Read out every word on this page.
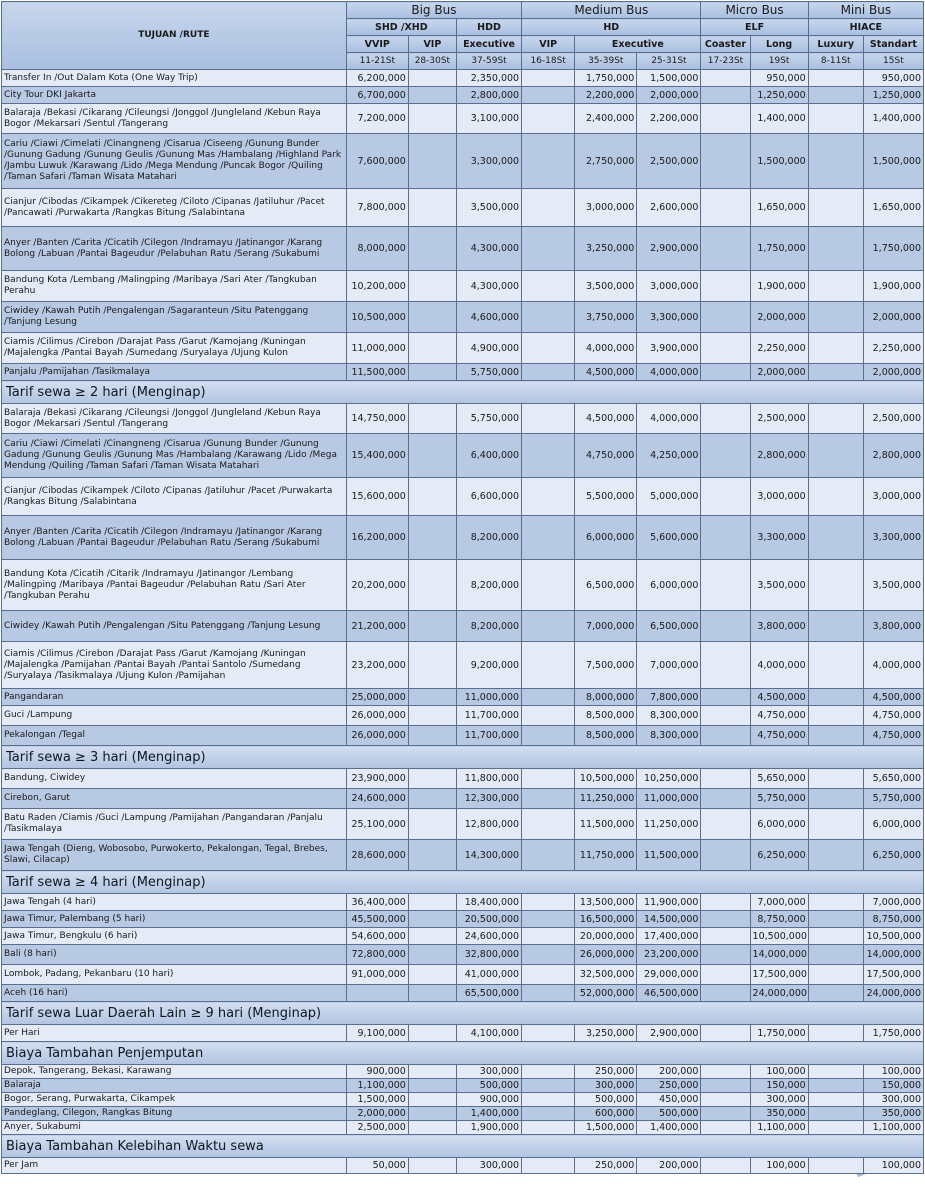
TUJUAN /RUTE	Big Bus			Medium Bus			Micro Bus		Mini Bus	
	SHD /XHD		HDD	HD			ELF		HIACE	
	VVIP	VIP	Executive	VIP	Executive		Coaster	Long	Luxury	Standart
	11-21St	28-30St	37-59St	16-18St	35-39St	25-31St	17-23St	19St	8-11St	15St
Transfer In /Out Dalam Kota (One Way Trip)	6,200,000		2,350,000		1,750,000	1,500,000		950,000		950,000
City Tour DKI Jakarta	6,700,000		2,800,000		2,200,000	2,000,000		1,250,000		1,250,000
Balaraja /Bekasi /Cikarang /Cileungsi /Jonggol /Jungleland /Kebun Raya Bogor /Mekarsari /Sentul /Tangerang	7,200,000		3,100,000		2,400,000	2,200,000		1,400,000		1,400,000
Cariu /Ciawi /Cimelati /Cinangneng /Cisarua /Ciseeng /Gunung Bunder /Gunung Gadung /Gunung Geulis /Gunung Mas /Hambalang /Highland Park /Jambu Luwuk /Karawang /Lido /Mega Mendung /Puncak Bogor /Quiling /Taman Safari /Taman Wisata Matahari	7,600,000		3,300,000		2,750,000	2,500,000		1,500,000		1,500,000
Cianjur /Cibodas /Cikampek /Cikereteg /Ciloto /Cipanas /Jatiluhur /Pacet /Pancawati /Purwakarta /Rangkas Bitung /Salabintana	7,800,000		3,500,000		3,000,000	2,600,000		1,650,000		1,650,000
Anyer /Banten /Carita /Cicatih /Cilegon /Indramayu /Jatinangor /Karang Bolong /Labuan /Pantai Bageudur /Pelabuhan Ratu /Serang /Sukabumi	8,000,000		4,300,000		3,250,000	2,900,000		1,750,000		1,750,000
Bandung Kota /Lembang /Malingping /Maribaya /Sari Ater /Tangkuban Perahu	10,200,000		4,300,000		3,500,000	3,000,000		1,900,000		1,900,000
Ciwidey /Kawah Putih /Pengalengan /Sagaranteun /Situ Patenggang /Tanjung Lesung	10,500,000		4,600,000		3,750,000	3,300,000		2,000,000		2,000,000
Ciamis /Cilimus /Cirebon /Darajat Pass /Garut /Kamojang /Kuningan /Majalengka /Pantai Bayah /Sumedang /Suryalaya /Ujung Kulon	11,000,000		4,900,000		4,000,000	3,900,000		2,250,000		2,250,000
Panjalu /Pamijahan /Tasikmalaya	11,500,000		5,750,000		4,500,000	4,000,000		2,000,000		2,000,000
Tarif sewa ≥ 2 hari (Menginap)										
Balaraja /Bekasi /Cikarang /Cileungsi /Jonggol /Jungleland /Kebun Raya Bogor /Mekarsari /Sentul /Tangerang	14,750,000		5,750,000		4,500,000	4,000,000		2,500,000		2,500,000
Cariu /Ciawi /Cimelati /Cinangneng /Cisarua /Gunung Bunder /Gunung Gadung /Gunung Geulis /Gunung Mas /Hambalang /Karawang /Lido /Mega Mendung /Quiling /Taman Safari /Taman Wisata Matahari	15,400,000		6,400,000		4,750,000	4,250,000		2,800,000		2,800,000
Cianjur /Cibodas /Cikampek /Ciloto /Cipanas /Jatiluhur /Pacet /Purwakarta /Rangkas Bitung /Salabintana	15,600,000		6,600,000		5,500,000	5,000,000		3,000,000		3,000,000
Anyer /Banten /Carita /Cicatih /Cilegon /Indramayu /Jatinangor /Karang Bolong /Labuan /Pantai Bageudur /Pelabuhan Ratu /Serang /Sukabumi	16,200,000		8,200,000		6,000,000	5,600,000		3,300,000		3,300,000
Bandung Kota /Cicatih /Citarik /Indramayu /Jatinangor /Lembang /Malingping /Maribaya /Pantai Bageudur /Pelabuhan Ratu /Sari Ater /Tangkuban Perahu	20,200,000		8,200,000		6,500,000	6,000,000		3,500,000		3,500,000
Ciwidey /Kawah Putih /Pengalengan /Situ Patenggang /Tanjung Lesung	21,200,000		8,200,000		7,000,000	6,500,000		3,800,000		3,800,000
Ciamis /Cilimus /Cirebon /Darajat Pass /Garut /Kamojang /Kuningan /Majalengka /Pamijahan /Pantai Bayah /Pantai Santolo /Sumedang /Suryalaya /Tasikmalaya /Ujung Kulon /Pamijahan	23,200,000		9,200,000		7,500,000	7,000,000		4,000,000		4,000,000
Pangandaran	25,000,000		11,000,000		8,000,000	7,800,000		4,500,000		4,500,000
Guci /Lampung	26,000,000		11,700,000		8,500,000	8,300,000		4,750,000		4,750,000
Pekalongan /Tegal	26,000,000		11,700,000		8,500,000	8,300,000		4,750,000		4,750,000
Tarif sewa ≥ 3 hari (Menginap)										
Bandung, Ciwidey	23,900,000		11,800,000		10,500,000	10,250,000		5,650,000		5,650,000
Cirebon, Garut	24,600,000		12,300,000		11,250,000	11,000,000		5,750,000		5,750,000
Batu Raden /Ciamis /Guci /Lampung /Pamijahan /Pangandaran /Panjalu /Tasikmalaya	25,100,000		12,800,000		11,500,000	11,250,000		6,000,000		6,000,000
Jawa Tengah (Dieng, Wobosobo, Purwokerto, Pekalongan, Tegal, Brebes, Slawi, Cilacap)	28,600,000		14,300,000		11,750,000	11,500,000		6,250,000		6,250,000
Tarif sewa ≥ 4 hari (Menginap)										
Jawa Tengah (4 hari)	36,400,000		18,400,000		13,500,000	11,900,000		7,000,000		7,000,000
Jawa Timur, Palembang (5 hari)	45,500,000		20,500,000		16,500,000	14,500,000		8,750,000		8,750,000
Jawa Timur, Bengkulu (6 hari)	54,600,000		24,600,000		20,000,000	17,400,000		10,500,000		10,500,000
Bali (8 hari)	72,800,000		32,800,000		26,000,000	23,200,000		14,000,000		14,000,000
Lombok, Padang, Pekanbaru (10 hari)	91,000,000		41,000,000		32,500,000	29,000,000		17,500,000		17,500,000
Aceh (16 hari)			65,500,000		52,000,000	46,500,000		24,000,000		24,000,000
Tarif sewa Luar Daerah Lain ≥ 9 hari (Menginap)										
Per Hari	9,100,000		4,100,000		3,250,000	2,900,000		1,750,000		1,750,000
Biaya Tambahan Penjemputan										
Depok, Tangerang, Bekasi, Karawang	900,000		300,000		250,000	200,000		100,000		100,000
Balaraja	1,100,000		500,000		300,000	250,000		150,000		150,000
Bogor, Serang, Purwakarta, Cikampek	1,500,000		900,000		500,000	450,000		300,000		300,000
Pandeglang, Cilegon, Rangkas Bitung	2,000,000		1,400,000		600,000	500,000		350,000		350,000
Anyer, Sukabumi	2,500,000		1,900,000		1,500,000	1,400,000		1,100,000		1,100,000
Biaya Tambahan Kelebihan Waktu sewa										
Per Jam	50,000		300,000		250,000	200,000		100,000		100,000
